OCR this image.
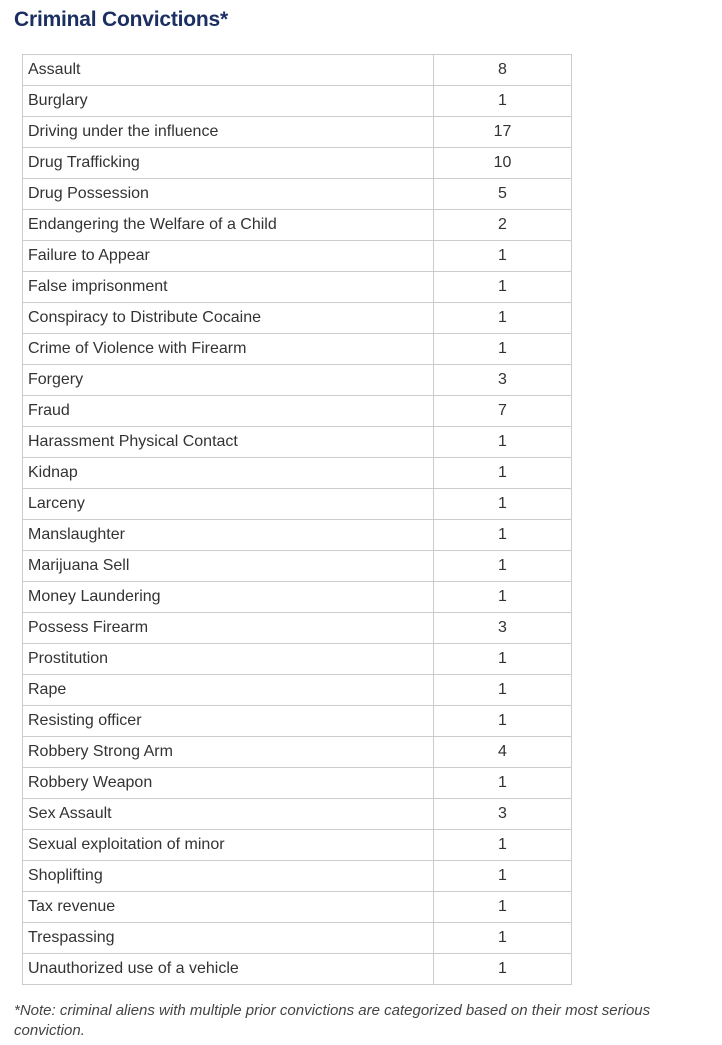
Criminal Convictions*
Assault	8
Burglary	1
Driving under the influence	17
Drug Trafficking	10
Drug Possession	5
Endangering the Welfare of a Child	2
Failure to Appear	1
False imprisonment	1
Conspiracy to Distribute Cocaine	1
Crime of Violence with Firearm	1
Forgery	3
Fraud	7
Harassment Physical Contact	1
Kidnap	1
Larceny	1
Manslaughter	1
Marijuana Sell	1
Money Laundering	1
Possess Firearm	3
Prostitution	1
Rape	1
Resisting officer	1
Robbery Strong Arm	4
Robbery Weapon	1
Sex Assault	3
Sexual exploitation of minor	1
Shoplifting	1
Tax revenue	1
Trespassing	1
Unauthorized use of a vehicle	1

*Note: criminal aliens with multiple prior convictions are categorized based on their most serious conviction.
